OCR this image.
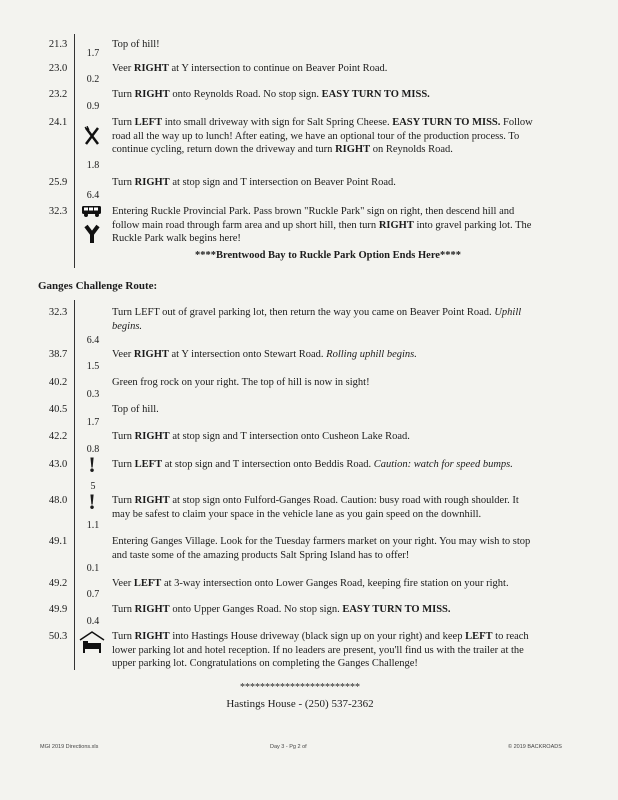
21.3	Top of hill!
1.7
23.0	Veer RIGHT at Y intersection to continue on Beaver Point Road.
0.2
23.2	Turn RIGHT onto Reynolds Road. No stop sign. EASY TURN TO MISS.
0.9
24.1	Turn LEFT into small driveway with sign for Salt Spring Cheese. EASY TURN TO MISS. Follow
road all the way up to lunch! After eating, we have an optional tour of the production process. To
continue cycling, return down the driveway and turn RIGHT on Reynolds Road.
1.8
25.9	Turn RIGHT at stop sign and T intersection on Beaver Point Road.
6.4
32.3	Entering Ruckle Provincial Park. Pass brown "Ruckle Park" sign on right, then descend hill and
follow main road through farm area and up short hill, then turn RIGHT into gravel parking lot. The
Ruckle Park walk begins here!
****Brentwood Bay to Ruckle Park Option Ends Here****
Ganges Challenge Route:
32.3	Turn LEFT out of gravel parking lot, then return the way you came on Beaver Point Road. Uphill
begins.
6.4
38.7	Veer RIGHT at Y intersection onto Stewart Road. Rolling uphill begins.
1.5
40.2	Green frog rock on your right. The top of hill is now in sight!
0.3
40.5	Top of hill.
1.7
42.2	Turn RIGHT at stop sign and T intersection onto Cusheon Lake Road.
0.8
43.0	Turn LEFT at stop sign and T intersection onto Beddis Road. Caution: watch for speed bumps.
!
5
48.0	Turn RIGHT at stop sign onto Fulford-Ganges Road. Caution: busy road with rough shoulder. It
may be safest to claim your space in the vehicle lane as you gain speed on the downhill.
!
1.1
49.1	Entering Ganges Village. Look for the Tuesday farmers market on your right. You may wish to stop
and taste some of the amazing products Salt Spring Island has to offer!
0.1
49.2	Veer LEFT at 3-way intersection onto Lower Ganges Road, keeping fire station on your right.
0.7
49.9	Turn RIGHT onto Upper Ganges Road. No stop sign. EASY TURN TO MISS.
0.4
50.3	Turn RIGHT into Hastings House driveway (black sign up on your right) and keep LEFT to reach
lower parking lot and hotel reception. If no leaders are present, you'll find us with the trailer at the
upper parking lot. Congratulations on completing the Ganges Challenge!
************************
Hastings House - (250) 537-2362
MGI 2019 Directions.xls	Day 3 - Pg 2 of	© 2019 BACKROADS
